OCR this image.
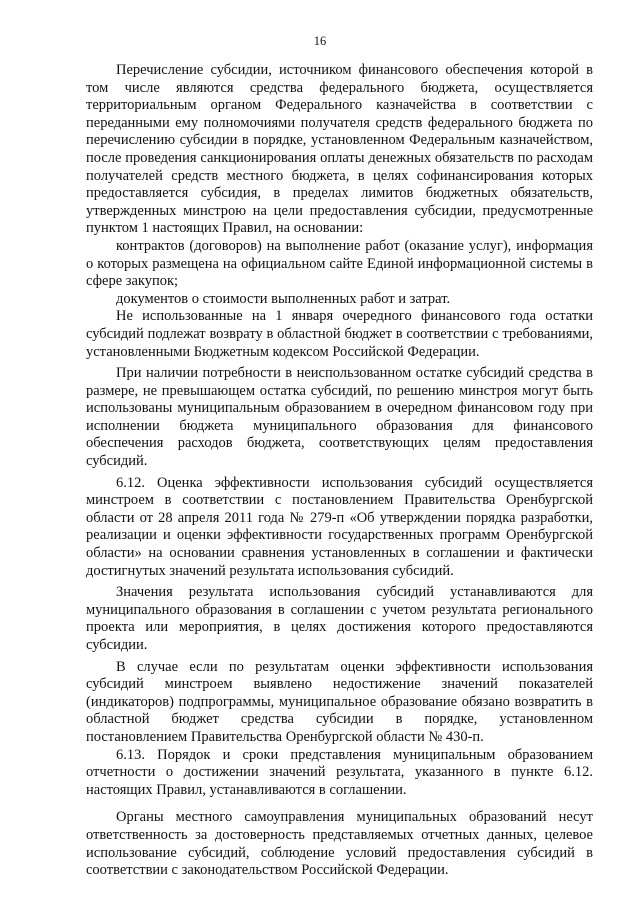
16

Перечисление субсидии, источником финансового обеспечения которой в том числе являются средства федерального бюджета, осуществляется территориальным органом Федерального казначейства в соответствии с переданными ему полномочиями получателя средств федерального бюджета по перечислению субсидии в порядке, установленном Федеральным казначейством, после проведения санкционирования оплаты денежных обязательств по расходам получателей средств местного бюджета, в целях софинансирования которых предоставляется субсидия, в пределах лимитов бюджетных обязательств, утвержденных минстрою на цели предоставления субсидии, предусмотренные пунктом 1 настоящих Правил, на основании:

контрактов (договоров) на выполнение работ (оказание услуг), информация о которых размещена на официальном сайте Единой информационной системы в сфере закупок;

документов о стоимости выполненных работ и затрат.

Не использованные на 1 января очередного финансового года остатки субсидий подлежат возврату в областной бюджет в соответствии с требованиями, установленными Бюджетным кодексом Российской Федерации.

При наличии потребности в неиспользованном остатке субсидий средства в размере, не превышающем остатка субсидий, по решению минстроя могут быть использованы муниципальным образованием в очередном финансовом году при исполнении бюджета муниципального образования для финансового обеспечения расходов бюджета, соответствующих целям предоставления субсидий.

6.12. Оценка эффективности использования субсидий осуществляется минстроем в соответствии с постановлением Правительства Оренбургской области от 28 апреля 2011 года № 279-п «Об утверждении порядка разработки, реализации и оценки эффективности государственных программ Оренбургской области» на основании сравнения установленных в соглашении и фактически достигнутых значений результата использования субсидий.

Значения результата использования субсидий устанавливаются для муниципального образования в соглашении с учетом результата регионального проекта или мероприятия, в целях достижения которого предоставляются субсидии.

В случае если по результатам оценки эффективности использования субсидий минстроем выявлено недостижение значений показателей (индикаторов) подпрограммы, муниципальное образование обязано возвратить в областной бюджет средства субсидии в порядке, установленном

постановлением Правительства Оренбургской области № 430-п.

6.13. Порядок и сроки представления муниципальным образованием отчетности о достижении значений результата, указанного в пункте 6.12. настоящих Правил, устанавливаются в соглашении.

Органы местного самоуправления муниципальных образований несут ответственность за достоверность представляемых отчетных данных, целевое использование субсидий, соблюдение условий предоставления субсидий в соответствии с законодательством Российской Федерации.
